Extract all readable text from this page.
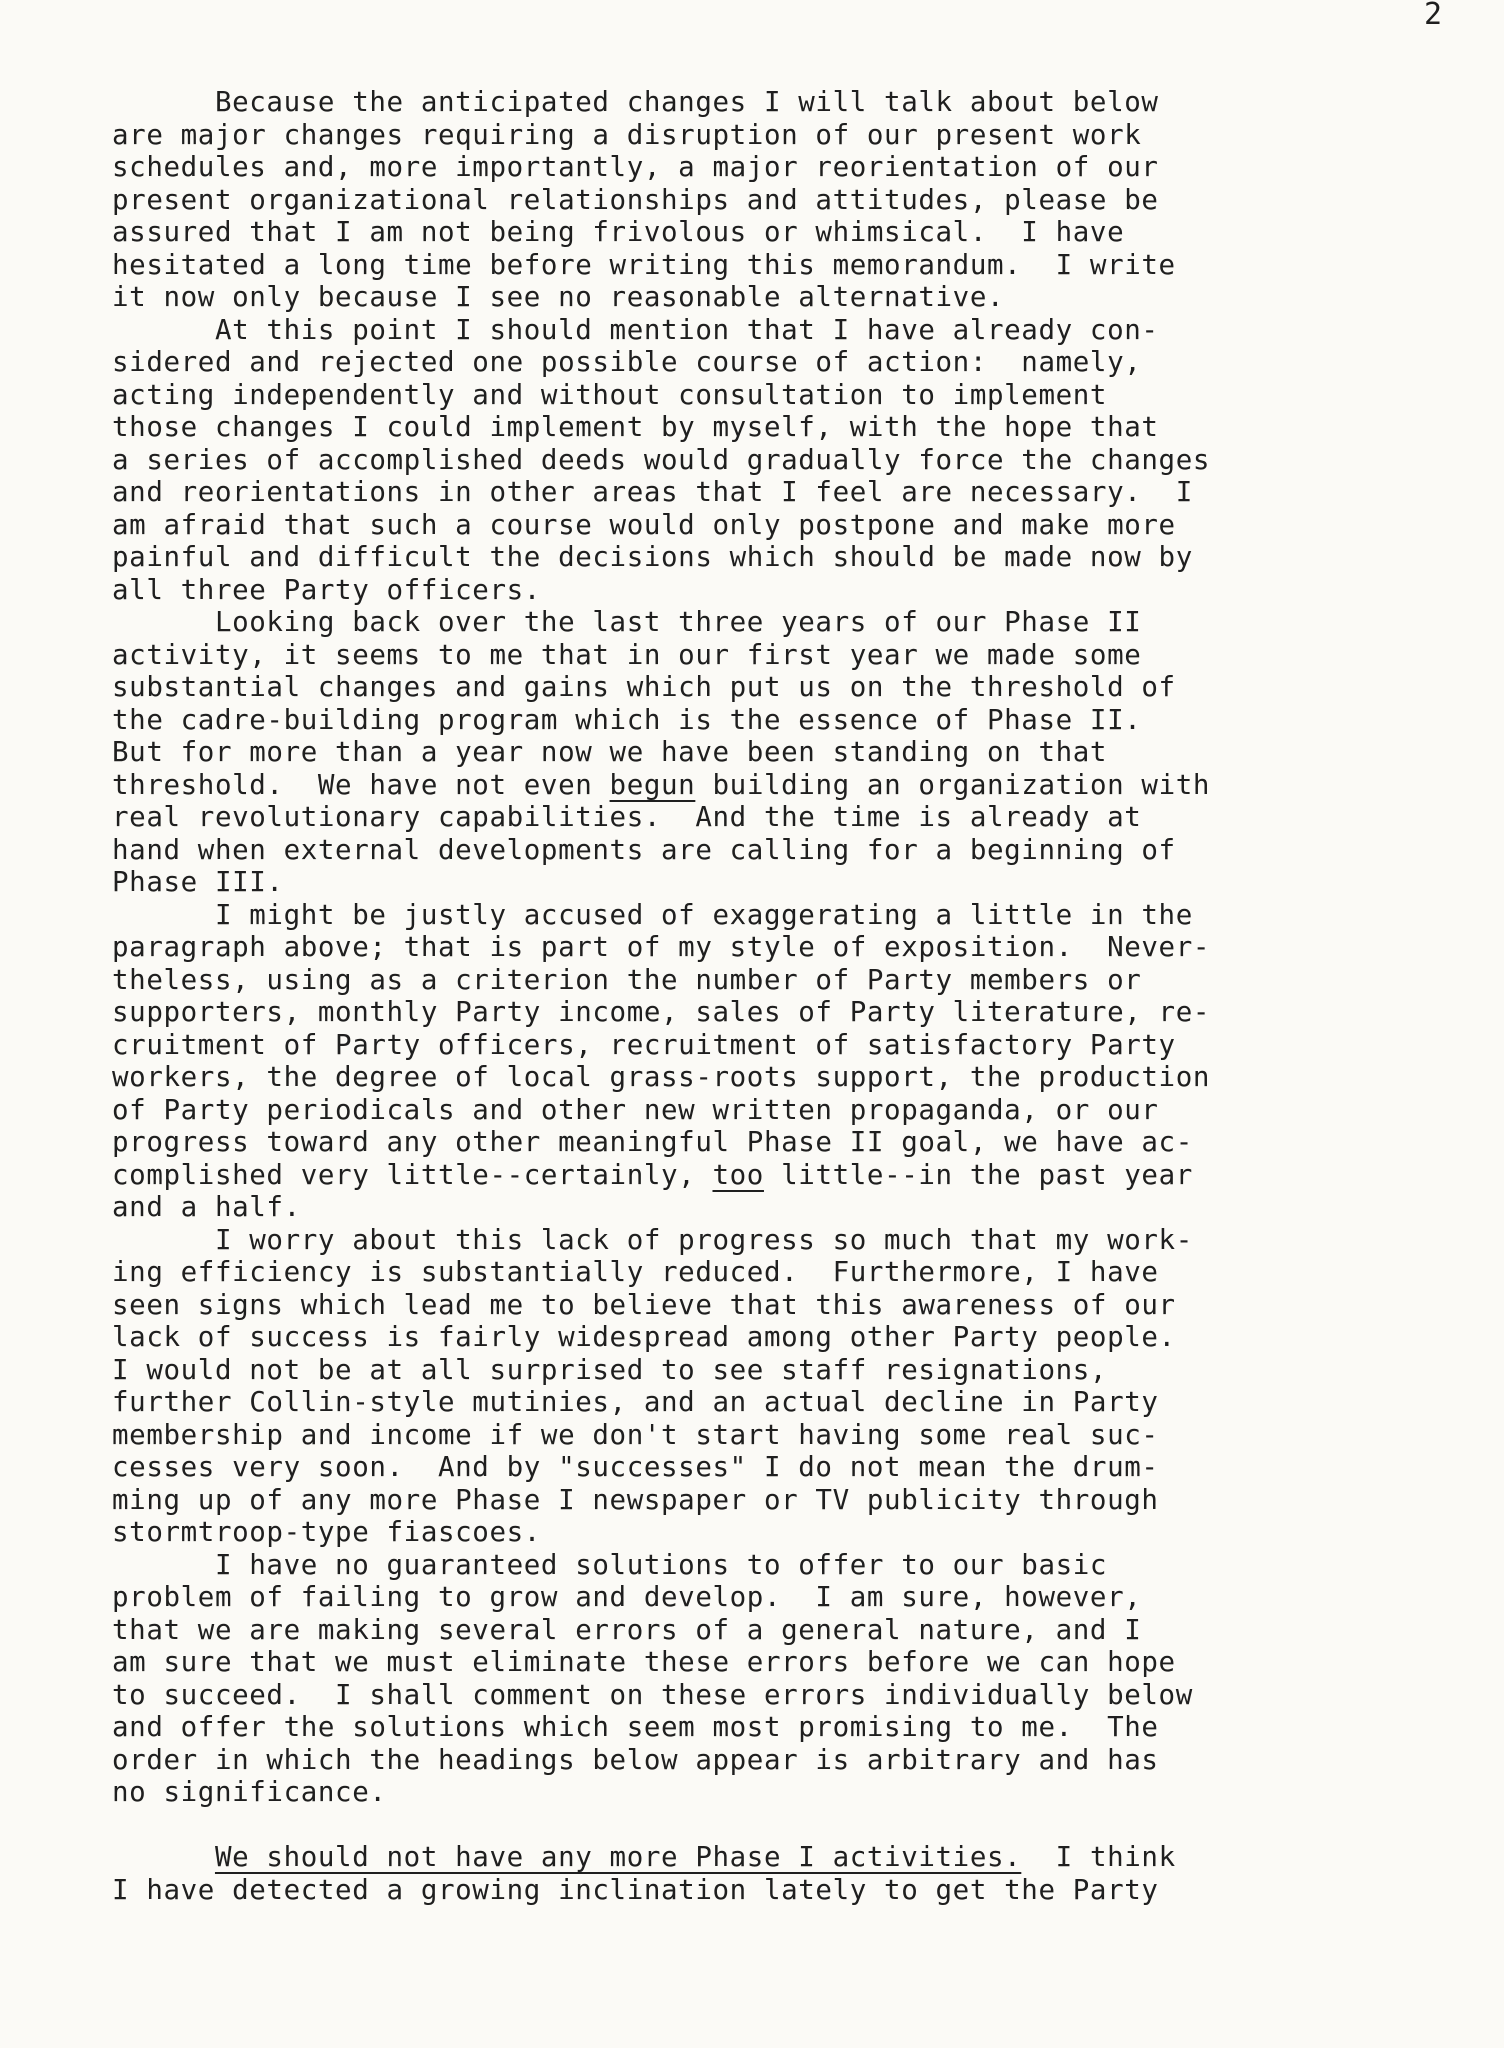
2
Because the anticipated changes I will talk about below
are major changes requiring a disruption of our present work
schedules and, more importantly, a major reorientation of our
present organizational relationships and attitudes, please be
assured that I am not being frivolous or whimsical.  I have
hesitated a long time before writing this memorandum.  I write
it now only because I see no reasonable alternative.
At this point I should mention that I have already con-
sidered and rejected one possible course of action:  namely,
acting independently and without consultation to implement
those changes I could implement by myself, with the hope that
a series of accomplished deeds would gradually force the changes
and reorientations in other areas that I feel are necessary.  I
am afraid that such a course would only postpone and make more
painful and difficult the decisions which should be made now by
all three Party officers.
Looking back over the last three years of our Phase II
activity, it seems to me that in our first year we made some
substantial changes and gains which put us on the threshold of
the cadre-building program which is the essence of Phase II.
But for more than a year now we have been standing on that
threshold.  We have not even begun building an organization with
real revolutionary capabilities.  And the time is already at
hand when external developments are calling for a beginning of
Phase III.
I might be justly accused of exaggerating a little in the
paragraph above; that is part of my style of exposition.  Never-
theless, using as a criterion the number of Party members or
supporters, monthly Party income, sales of Party literature, re-
cruitment of Party officers, recruitment of satisfactory Party
workers, the degree of local grass-roots support, the production
of Party periodicals and other new written propaganda, or our
progress toward any other meaningful Phase II goal, we have ac-
complished very little--certainly, too little--in the past year
and a half.
I worry about this lack of progress so much that my work-
ing efficiency is substantially reduced.  Furthermore, I have
seen signs which lead me to believe that this awareness of our
lack of success is fairly widespread among other Party people.
I would not be at all surprised to see staff resignations,
further Collin-style mutinies, and an actual decline in Party
membership and income if we don't start having some real suc-
cesses very soon.  And by "successes" I do not mean the drum-
ming up of any more Phase I newspaper or TV publicity through
stormtroop-type fiascoes.
I have no guaranteed solutions to offer to our basic
problem of failing to grow and develop.  I am sure, however,
that we are making several errors of a general nature, and I
am sure that we must eliminate these errors before we can hope
to succeed.  I shall comment on these errors individually below
and offer the solutions which seem most promising to me.  The
order in which the headings below appear is arbitrary and has
no significance.
We should not have any more Phase I activities.  I think
I have detected a growing inclination lately to get the Party
